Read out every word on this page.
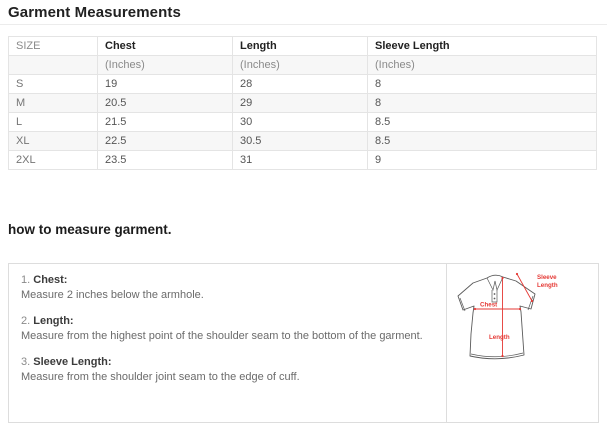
Garment Measurements
SIZE	Chest	Length	Sleeve Length
	(Inches)	(Inches)	(Inches)
S	19	28	8
M	20.5	29	8
L	21.5	30	8.5
XL	22.5	30.5	8.5
2XL	23.5	31	9
how to measure garment.
1. Chest:
Measure 2 inches below the armhole.
2. Length:
Measure from the highest point of the shoulder seam to the bottom of the garment.
3. Sleeve Length:
Measure from the shoulder joint seam to the edge of cuff.
Chest
Length
Sleeve
Length
